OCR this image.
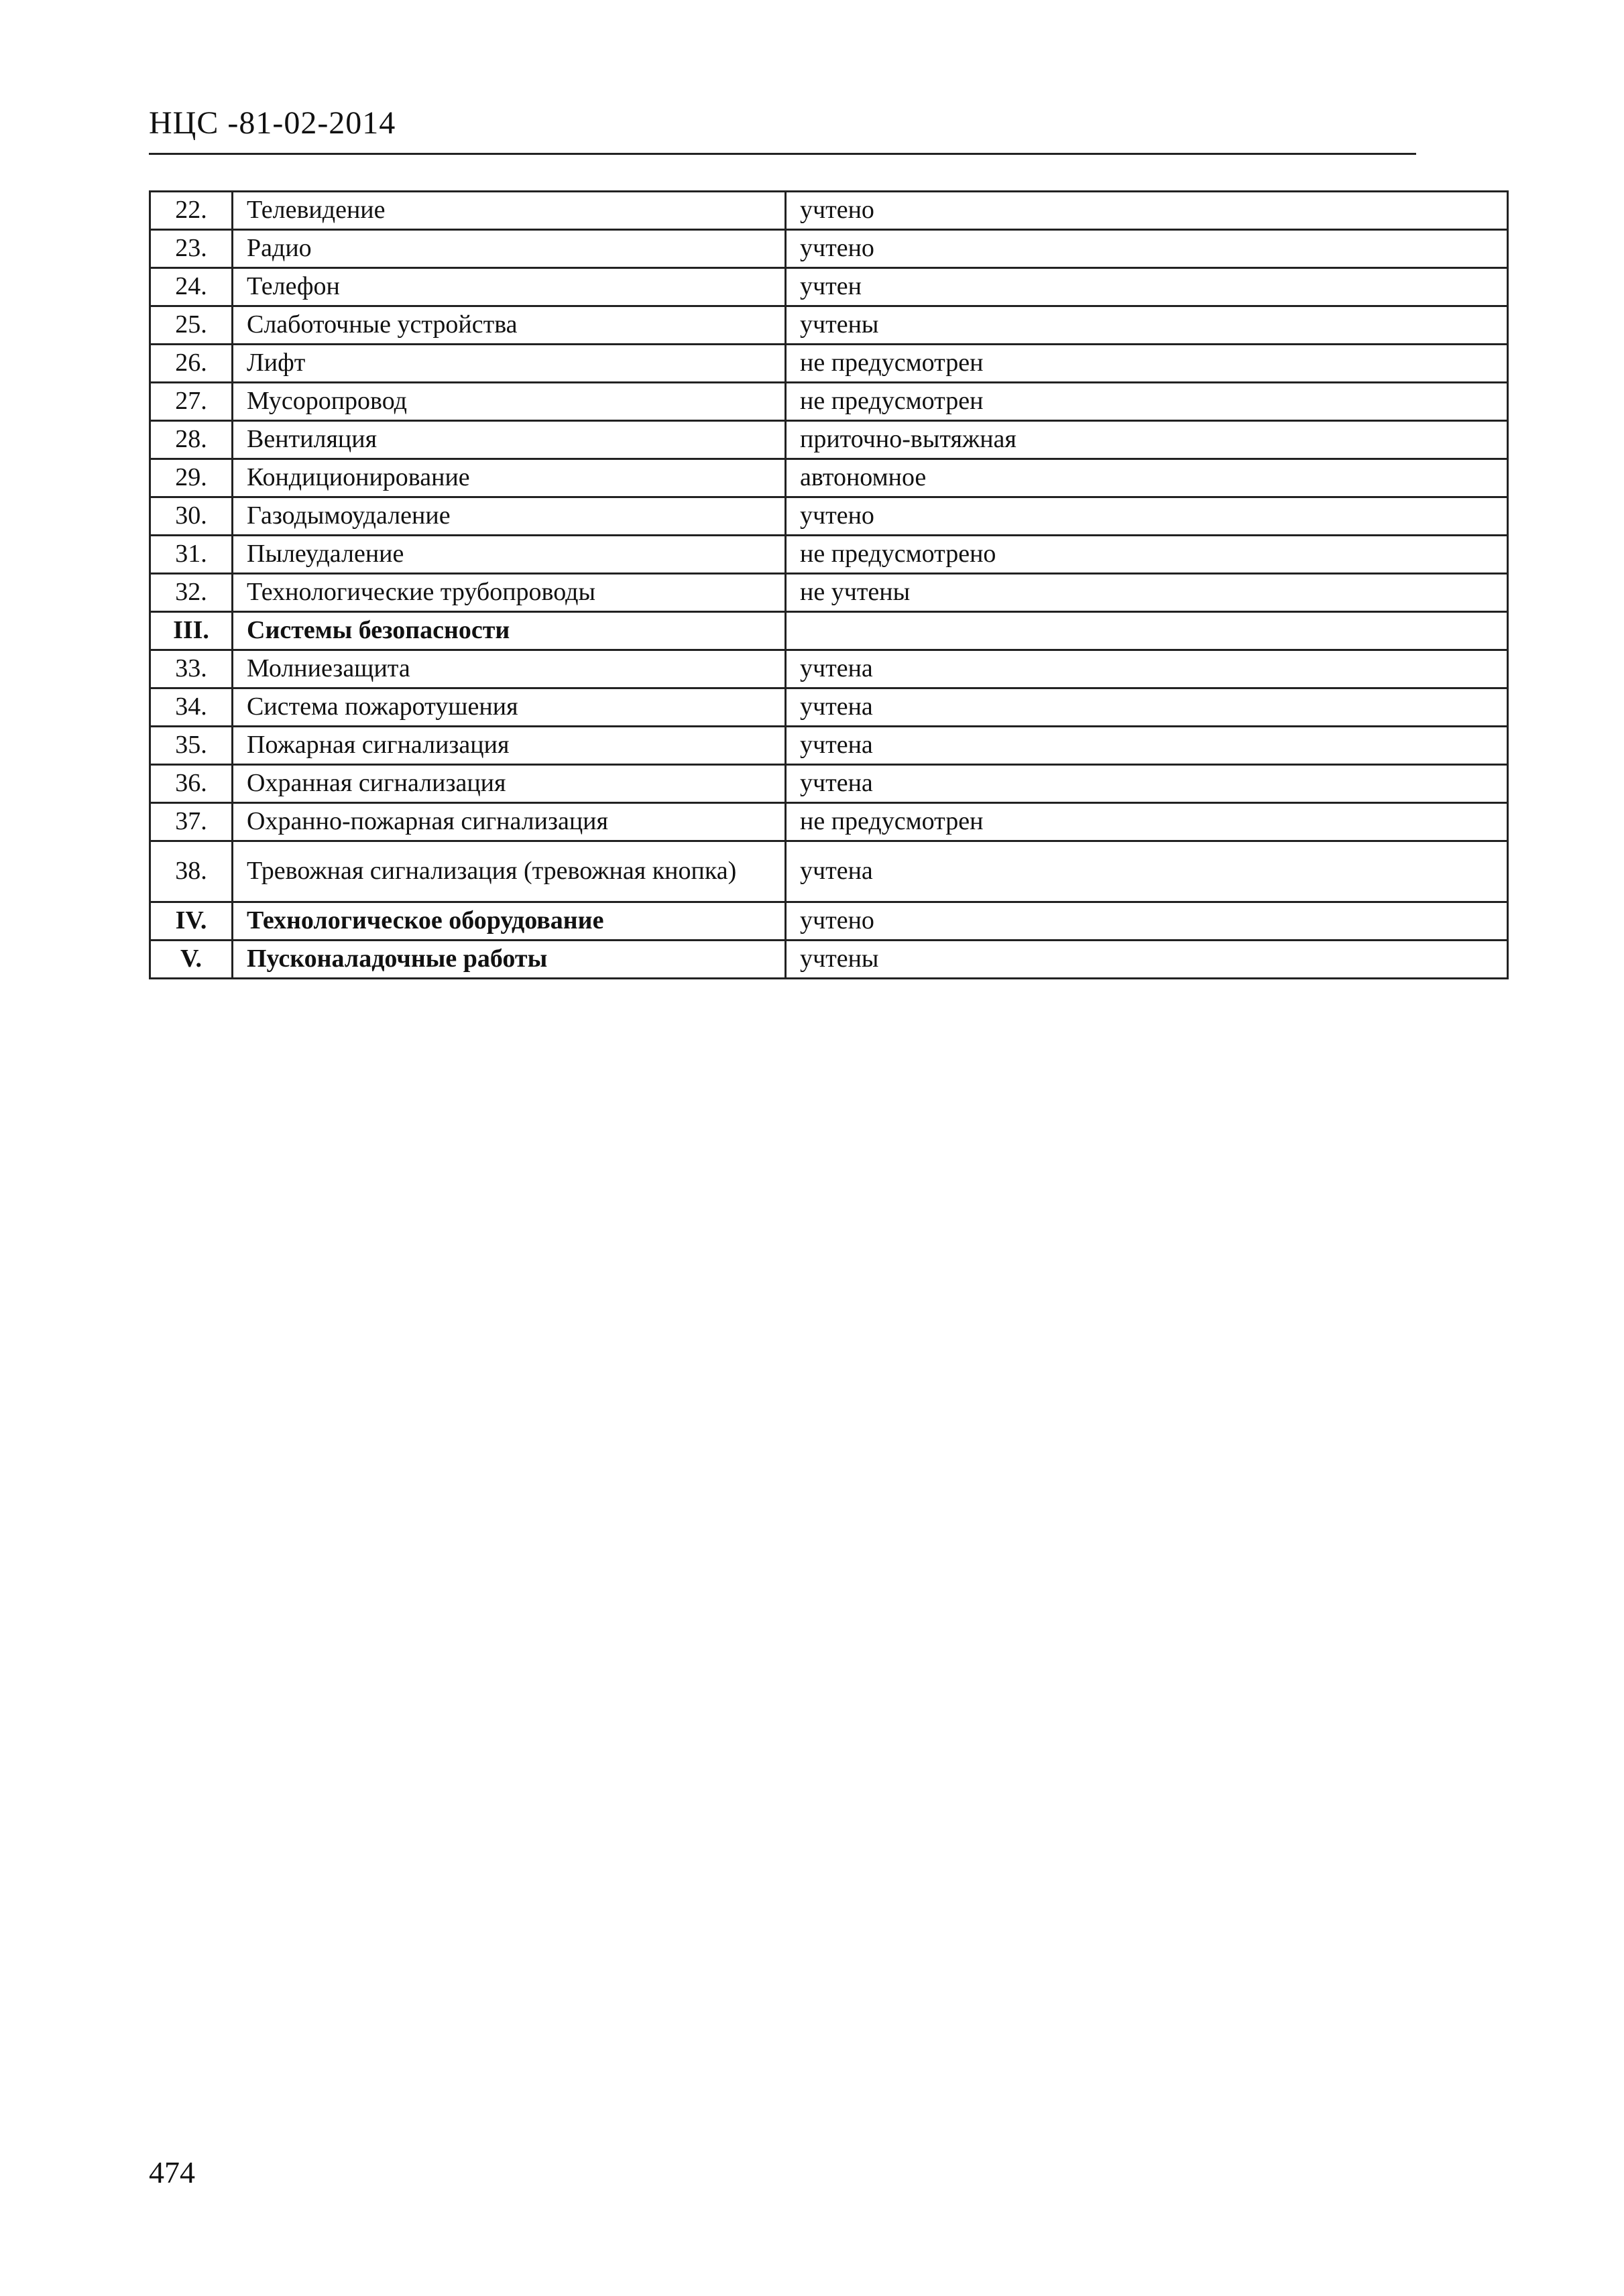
НЦС -81-02-2014
22.	Телевидение	учтено
23.	Радио	учтено
24.	Телефон	учтен
25.	Слаботочные устройства	учтены
26.	Лифт	не предусмотрен
27.	Мусоропровод	не предусмотрен
28.	Вентиляция	приточно-вытяжная
29.	Кондиционирование	автономное
30.	Газодымоудаление	учтено
31.	Пылеудаление	не предусмотрено
32.	Технологические трубопроводы	не учтены
III.	Системы безопасности	
33.	Молниезащита	учтена
34.	Система пожаротушения	учтена
35.	Пожарная сигнализация	учтена
36.	Охранная сигнализация	учтена
37.	Охранно-пожарная сигнализация	не предусмотрен
38.	Тревожная сигнализация (тревожная кнопка)	учтена
IV.	Технологическое оборудование	учтено
V.	Пусконаладочные работы	учтены
474
